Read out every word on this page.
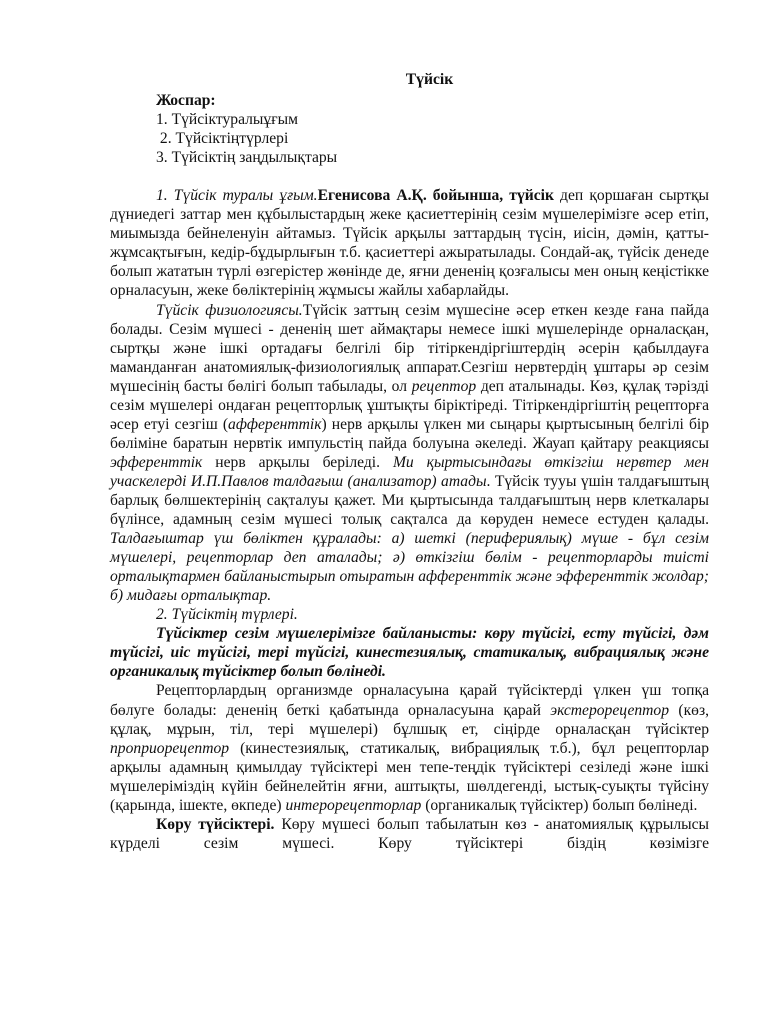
Түйсік
Жоспар:
1. Түйсіктуралыұғым
2. Түйсіктіңтүрлері
3. Түйсіктің заңдылықтары

1. Түйсік туралы ұғым.Егенисова А.Қ. бойынша, түйсік деп қоршаған сыртқы дүниедегі заттар мен құбылыстардың жеке қасиеттерінің сезім мүшелерімізге әсер етіп, миымызда бейнеленуін айтамыз. Түйсік арқылы заттардың түсін, иісін, дәмін, қатты-жұмсақтығын, кедір-бұдырлығын т.б. қасиеттері ажыратылады. Сондай-ақ, түйсік денеде болып жататын түрлі өзгерістер жөнінде де, яғни дененің қозғалысы мен оның кеңістікке орналасуын, жеке бөліктерінің жұмысы жайлы хабарлайды.

Түйсік физиологиясы.Түйсік заттың сезім мүшесіне әсер еткен кезде ғана пайда болады. Сезім мүшесі - дененің шет аймақтары немесе ішкі мүшелерінде орналасқан, сыртқы және ішкі ортадағы белгілі бір тітіркендіргіштердің әсерін қабылдауға маманданған анатомиялық-физиологиялық аппарат.Сезгіш нервтердің ұштары әр сезім мүшесінің басты бөлігі болып табылады, ол рецептор деп аталынады. Көз, құлақ тәрізді сезім мүшелері ондаған рецепторлық ұштықты біріктіреді. Тітіркендіргіштің рецепторға әсер етуі сезгіш (афференттік) нерв арқылы үлкен ми сыңары қыртысының белгілі бір бөліміне баратын нервтік импульстің пайда болуына әкеледі. Жауап қайтару реакциясы эфференттік нерв арқылы беріледі. Ми қыртысындағы өткізгіш нервтер мен учаскелерді И.П.Павлов талдағыш (анализатор) атады. Түйсік тууы үшін талдағыштың барлық бөлшектерінің сақталуы қажет. Ми қыртысында талдағыштың нерв клеткалары бүлінсе, адамның сезім мүшесі толық сақталса да көруден немесе естуден қалады. Талдағыштар үш бөліктен құралады: а) шеткі (перифериялық) мүше - бұл сезім мүшелері, рецепторлар деп аталады; ә) өткізгіш бөлім - рецепторларды тиісті орталықтармен байланыстырып отыратын афференттік және эфференттік жолдар; б) мидағы орталықтар.

2. Түйсіктің түрлері.

Түйсіктер сезім мүшелерімізге байланысты: көру түйсігі, есту түйсігі, дәм түйсігі, иіс түйсігі, тері түйсігі, кинестезиялық, статикалық, вибрациялық және органикалық түйсіктер болып бөлінеді.

Рецепторлардың организмде орналасуына қарай түйсіктерді үлкен үш топқа бөлуге болады: дененің беткі қабатында орналасуына қарай экстерорецептор (көз, құлақ, мұрын, тіл, тері мүшелері) бұлшық ет, сіңірде орналасқан түйсіктер проприорецептор (кинестезиялық, статикалық, вибрациялық т.б.), бұл рецепторлар арқылы адамның қимылдау түйсіктері мен тепе-теңдік түйсіктері сезіледі және ішкі мүшелеріміздің күйін бейнелейтін яғни, аштықты, шөлдегенді, ыстық-суықты түйсіну (қарында, ішекте, өкпеде) интерорецепторлар (органикалық түйсіктер) болып бөлінеді.

Көру түйсіктері. Көру мүшесі болып табылатын көз - анатомиялық құрылысы күрделі сезім мүшесі. Көру түйсіктері біздің көзімізге
